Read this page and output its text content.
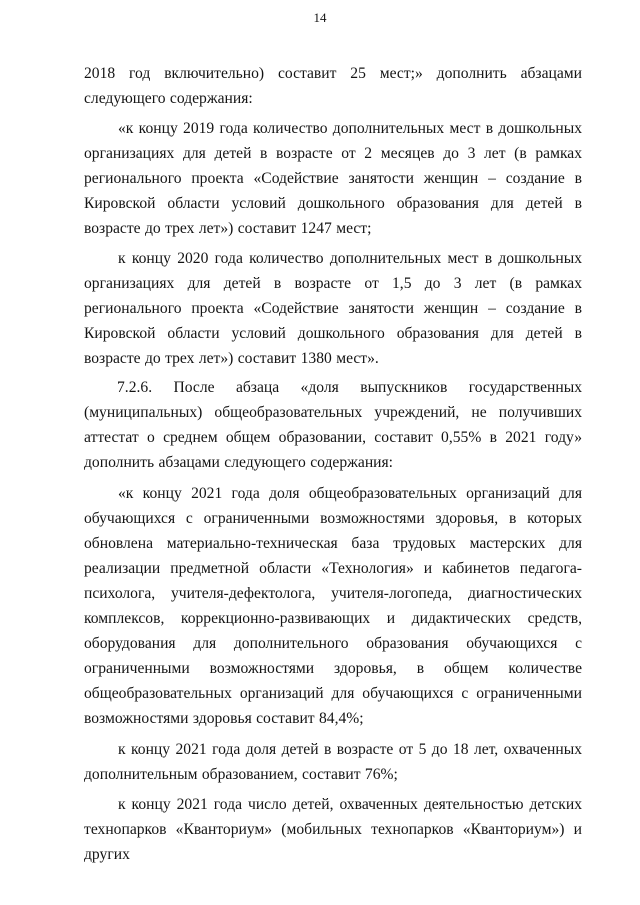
14

2018 год включительно) составит 25 мест;» дополнить абзацами следующего содержания:

«к концу 2019 года количество дополнительных мест в дошкольных организациях для детей в возрасте от 2 месяцев до 3 лет (в рамках регионального проекта «Содействие занятости женщин – создание в Кировской области условий дошкольного образования для детей в возрасте до трех лет») составит 1247 мест;

к концу 2020 года количество дополнительных мест в дошкольных организациях для детей в возрасте от 1,5 до 3 лет (в рамках регионального проекта «Содействие занятости женщин – создание в Кировской области условий дошкольного образования для детей в возрасте до трех лет») составит 1380 мест».

7.2.6. После абзаца «доля выпускников государственных (муниципальных) общеобразовательных учреждений, не получивших аттестат о среднем общем образовании, составит 0,55% в 2021 году» дополнить абзацами следующего содержания:

«к концу 2021 года доля общеобразовательных организаций для обучающихся с ограниченными возможностями здоровья, в которых обновлена материально-техническая база трудовых мастерских для реализации предметной области «Технология» и кабинетов педагога-психолога, учителя-дефектолога, учителя-логопеда, диагностических комплексов, коррекционно-развивающих и дидактических средств, оборудования для дополнительного образования обучающихся с ограниченными возможностями здоровья, в общем количестве общеобразовательных организаций для обучающихся с ограниченными возможностями здоровья составит 84,4%;

к концу 2021 года доля детей в возрасте от 5 до 18 лет, охваченных дополнительным образованием, составит 76%;

к концу 2021 года число детей, охваченных деятельностью детских технопарков «Кванториум» (мобильных технопарков «Кванториум») и других
